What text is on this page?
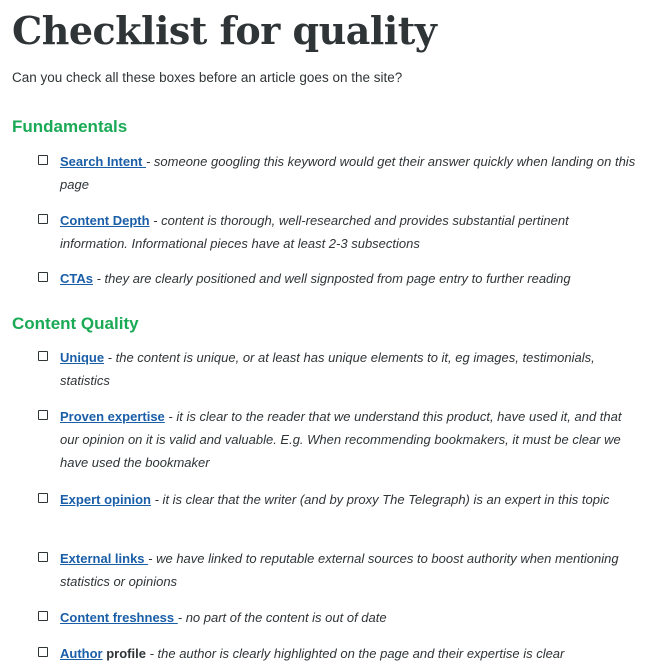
Checklist for quality

Can you check all these boxes before an article goes on the site?

Fundamentals
Search Intent - someone googling this keyword would get their answer quickly when landing on this page
Content Depth - content is thorough, well-researched and provides substantial pertinent information. Informational pieces have at least 2-3 subsections
CTAs - they are clearly positioned and well signposted from page entry to further reading
Content Quality
Unique - the content is unique, or at least has unique elements to it, eg images, testimonials, statistics
Proven expertise - it is clear to the reader that we understand this product, have used it, and that our opinion on it is valid and valuable. E.g. When recommending bookmakers, it must be clear we have used the bookmaker
Expert opinion - it is clear that the writer (and by proxy The Telegraph) is an expert in this topic
External links - we have linked to reputable external sources to boost authority when mentioning statistics or opinions
Content freshness - no part of the content is out of date
Author profile - the author is clearly highlighted on the page and their expertise is clear
